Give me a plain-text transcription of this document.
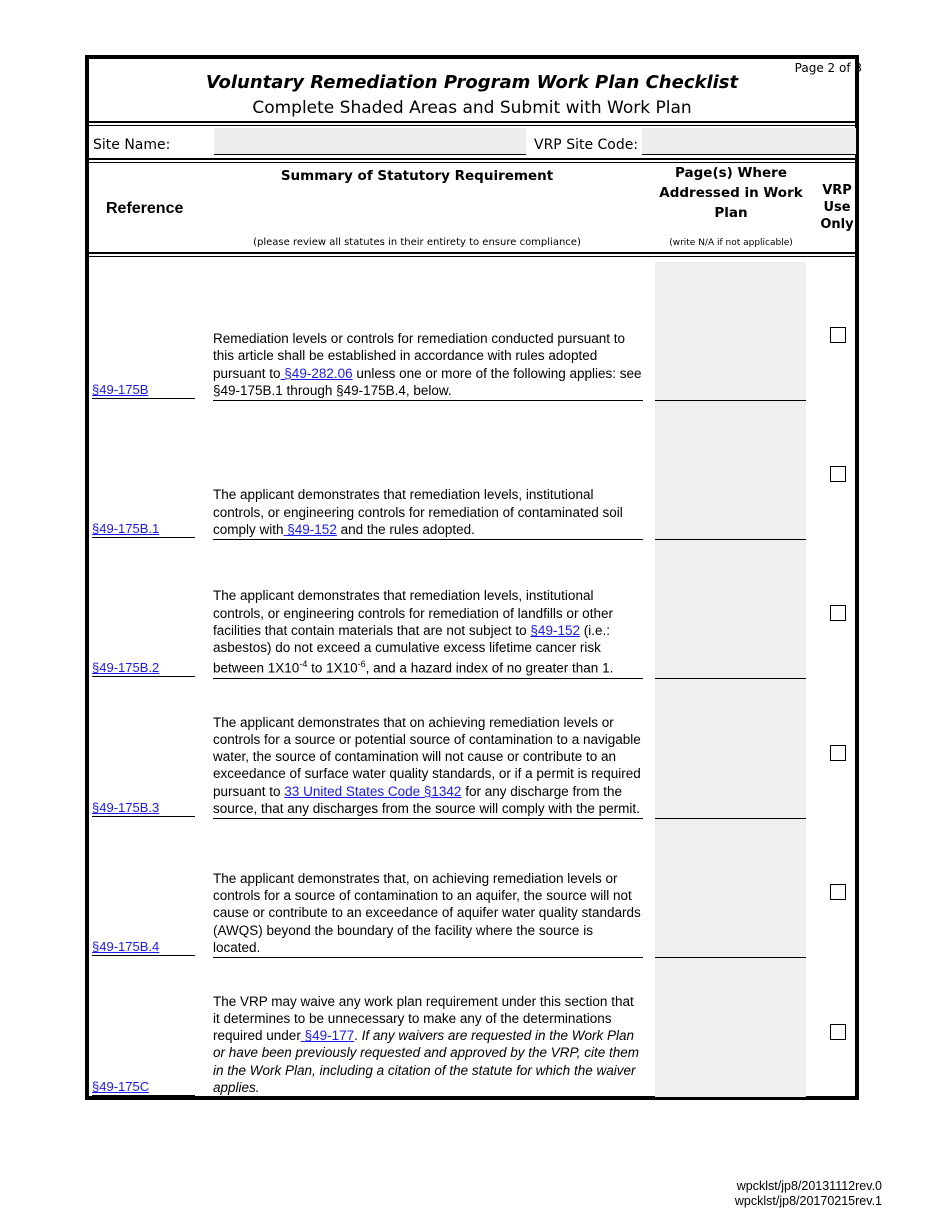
Page 2 of 3
Voluntary Remediation Program Work Plan Checklist
Complete Shaded Areas and Submit with Work Plan
Site Name:	VRP Site Code:
Reference
Summary of Statutory Requirement
(please review all statutes in their entirety to ensure compliance)
Page(s) Where
Addressed in Work
Plan
(write N/A if not applicable)
VRP
Use
Only
§49-175B
Remediation levels or controls for remediation conducted pursuant to this article shall be established in accordance with rules adopted pursuant to §49-282.06 unless one or more of the following applies: see §49-175B.1 through §49-175B.4, below.
§49-175B.1
The applicant demonstrates that remediation levels, institutional controls, or engineering controls for remediation of contaminated soil comply with §49-152 and the rules adopted.
§49-175B.2
The applicant demonstrates that remediation levels, institutional controls, or engineering controls for remediation of landfills or other facilities that contain materials that are not subject to §49-152 (i.e.: asbestos) do not exceed a cumulative excess lifetime cancer risk between $1X10^{-4}$ to $1X10^{-6}$, and a hazard index of no greater than 1.
§49-175B.3
The applicant demonstrates that on achieving remediation levels or controls for a source or potential source of contamination to a navigable water, the source of contamination will not cause or contribute to an exceedance of surface water quality standards, or if a permit is required pursuant to 33 United States Code §1342 for any discharge from the source, that any discharges from the source will comply with the permit.
§49-175B.4
The applicant demonstrates that, on achieving remediation levels or controls for a source of contamination to an aquifer, the source will not cause or contribute to an exceedance of aquifer water quality standards (AWQS) beyond the boundary of the facility where the source is located.
§49-175C
The VRP may waive any work plan requirement under this section that it determines to be unnecessary to make any of the determinations required under §49-177. If any waivers are requested in the Work Plan or have been previously requested and approved by the VRP, cite them in the Work Plan, including a citation of the statute for which the waiver applies.
wpcklst/jp8/20131112rev.0
wpcklst/jp8/20170215rev.1
